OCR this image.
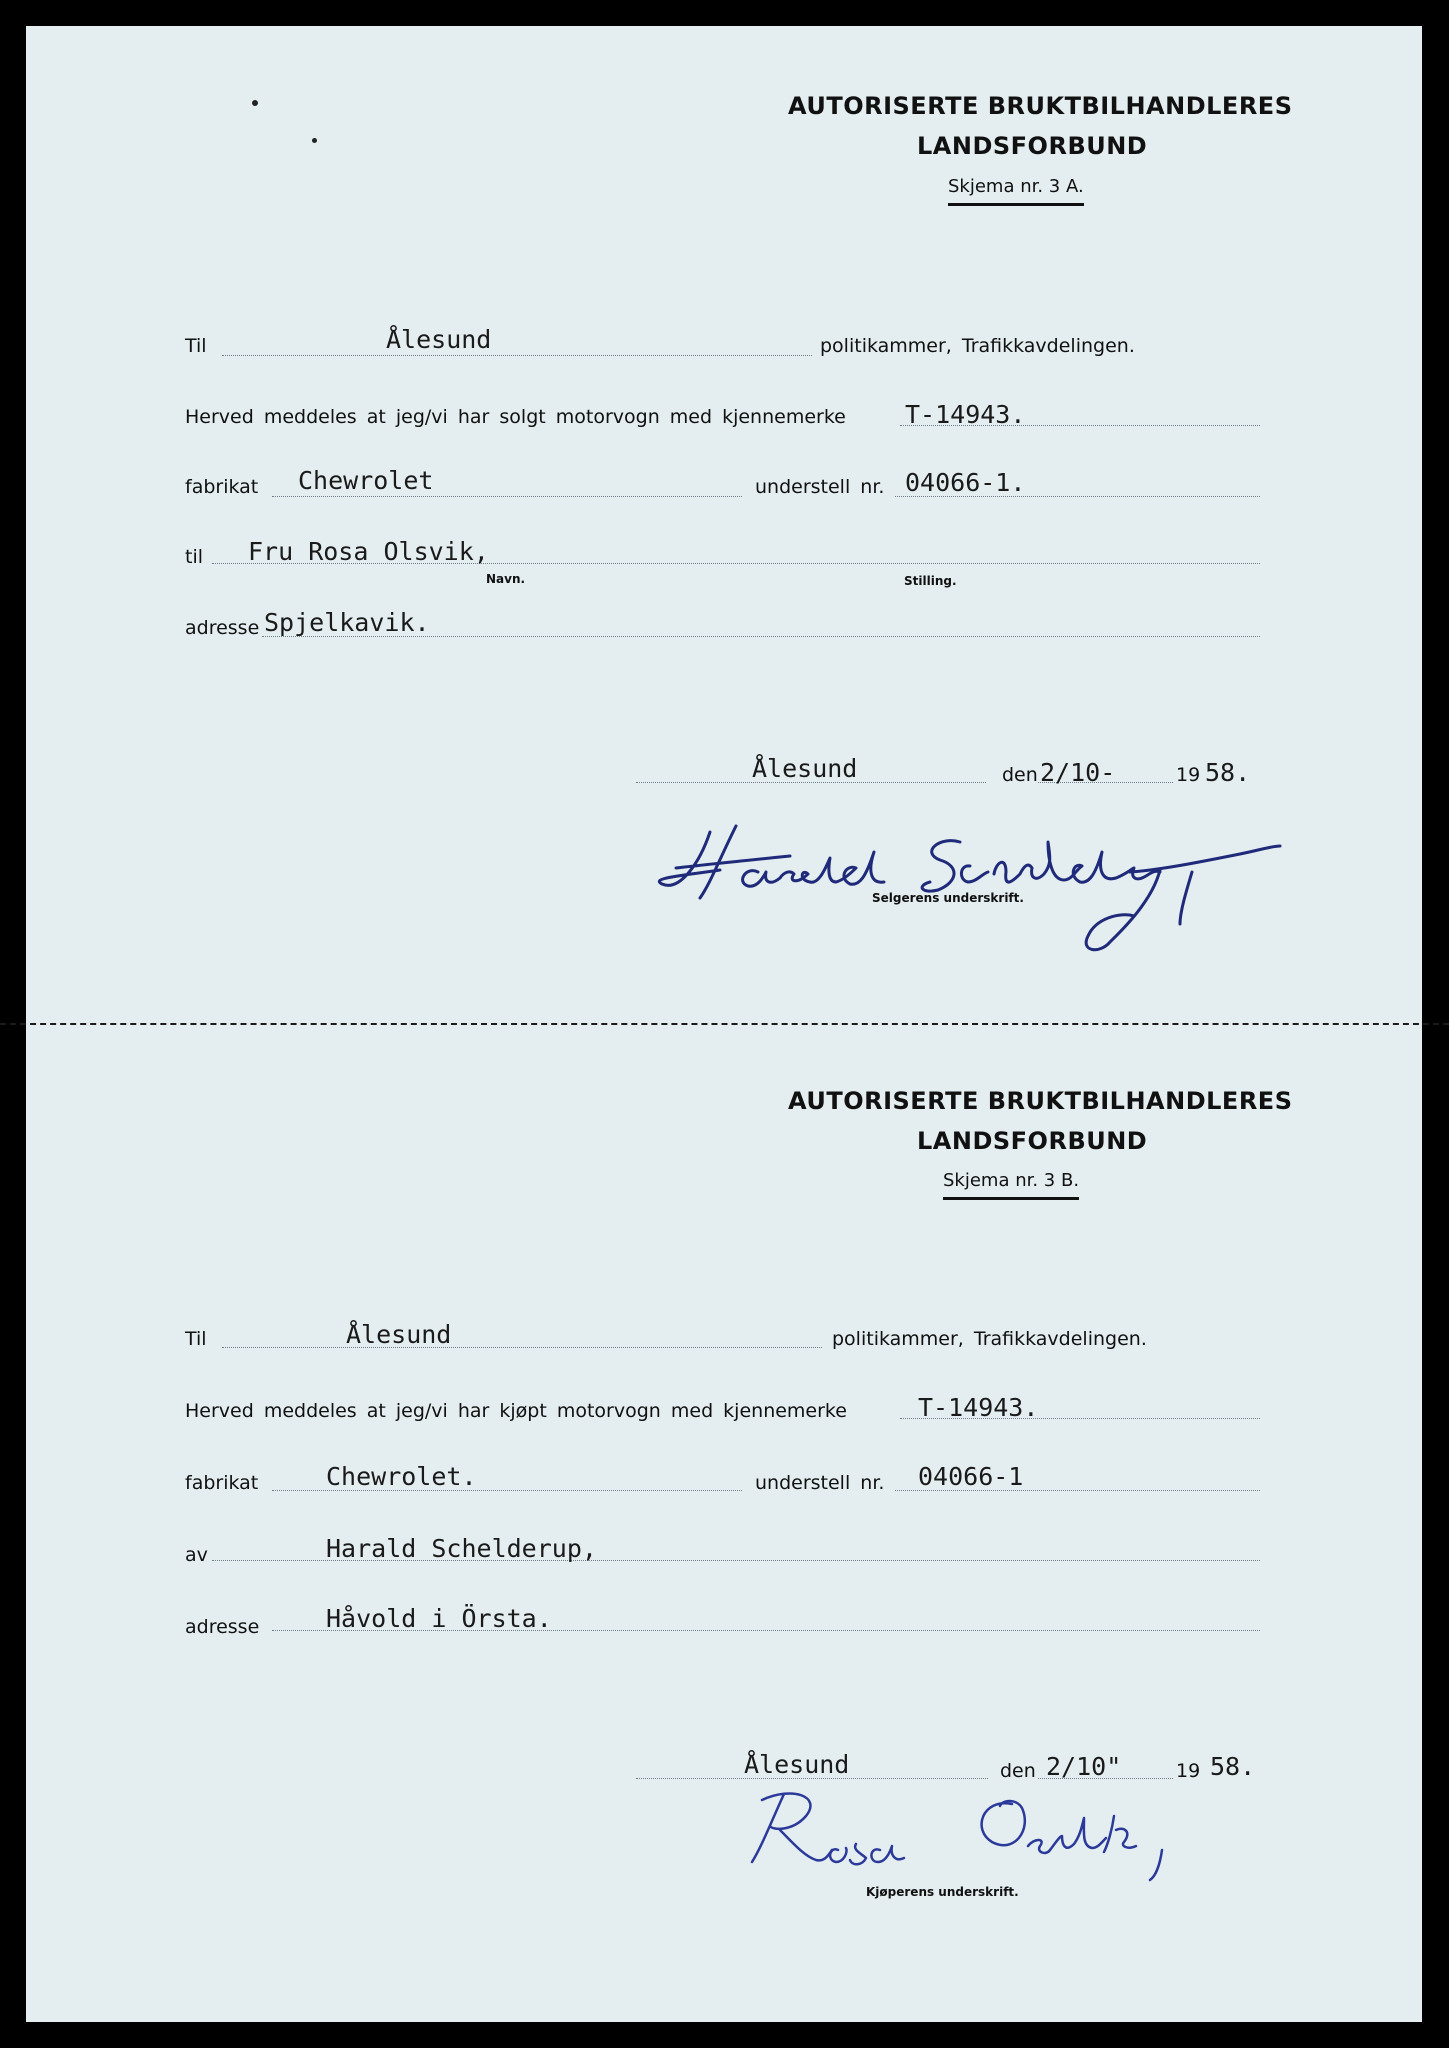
AUTORISERTE BRUKTBILHANDLERES
LANDSFORBUND
Skjema nr. 3 A.
Til	Ålesund	politikammer, Trafikkavdelingen.
Herved meddeles at jeg/vi har solgt motorvogn med kjennemerke T-14943.
fabrikat Chewrolet	understell nr. 04066-1.
til Fru Rosa Olsvik,
Navn.	Stilling.
adresse Spjelkavik.
Ålesund	den 2/10-	19 58.
Selgerens underskrift.
AUTORISERTE BRUKTBILHANDLERES
LANDSFORBUND
Skjema nr. 3 B.
Til	Ålesund	politikammer, Trafikkavdelingen.
Herved meddeles at jeg/vi har kjøpt motorvogn med kjennemerke	T-14943.
fabrikat	Chewrolet.	understell nr. 04066-1
av	Harald Schelderup,
adresse	Håvold i Örsta.
Ålesund	den 2/10"	19 58.
Kjøperens underskrift.
